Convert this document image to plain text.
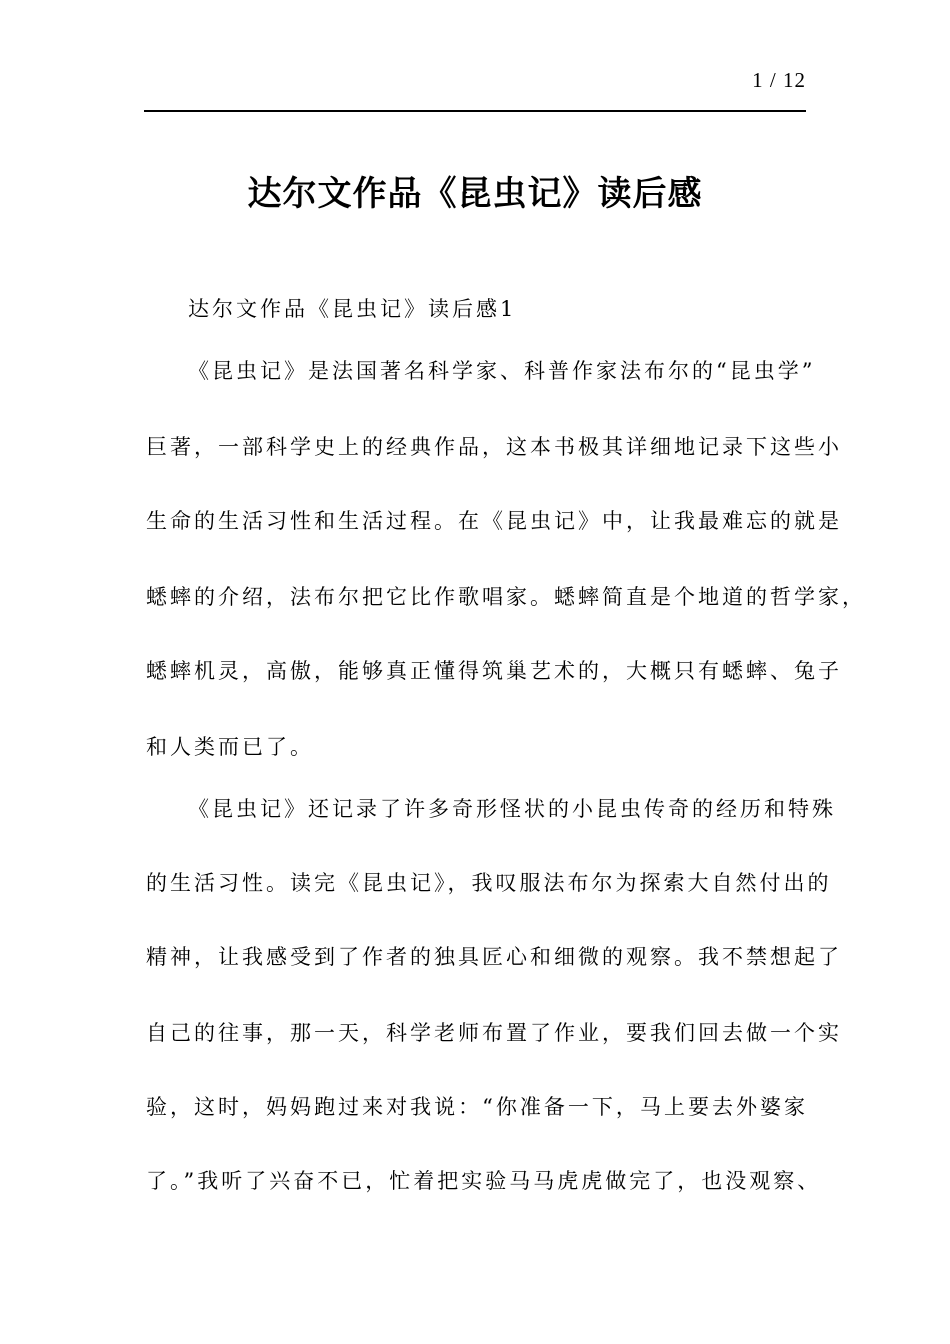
1 / 12
达尔文作品《昆虫记》读后感
达尔文作品《昆虫记》读后感1
《昆虫记》是法国著名科学家、科普作家法布尔的“昆虫学”
巨著，一部科学史上的经典作品，这本书极其详细地记录下这些小
生命的生活习性和生活过程。在《昆虫记》中，让我最难忘的就是
蟋蟀的介绍，法布尔把它比作歌唱家。蟋蟀简直是个地道的哲学家，
蟋蟀机灵，高傲，能够真正懂得筑巢艺术的，大概只有蟋蟀、兔子
和人类而已了。
《昆虫记》还记录了许多奇形怪状的小昆虫传奇的经历和特殊
的生活习性。读完《昆虫记》，我叹服法布尔为探索大自然付出的
精神，让我感受到了作者的独具匠心和细微的观察。我不禁想起了
自己的往事，那一天，科学老师布置了作业，要我们回去做一个实
验，这时，妈妈跑过来对我说：“你准备一下，马上要去外婆家
了。”我听了兴奋不已，忙着把实验马马虎虎做完了，也没观察、
